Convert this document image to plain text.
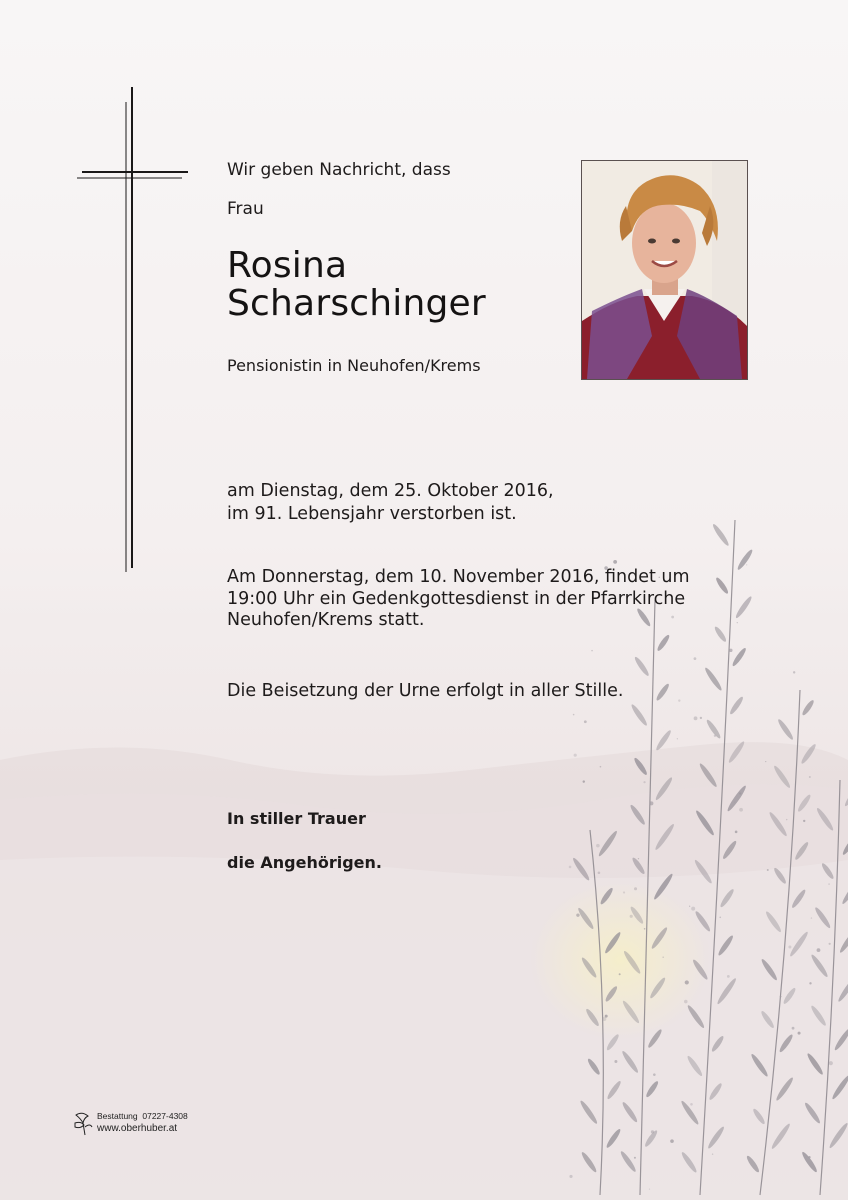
Wir geben Nachricht, dass
Frau
Rosina
Scharschinger
Pensionistin in Neuhofen/Krems
am Dienstag, dem 25. Oktober 2016,
im 91. Lebensjahr verstorben ist.
Am Donnerstag, dem 10. November 2016, findet um
19:00 Uhr ein Gedenkgottesdienst in der Pfarrkirche
Neuhofen/Krems statt.
Die Beisetzung der Urne erfolgt in aller Stille.
In stiller Trauer
die Angehörigen.
Bestattung 07227-4308
www.oberhuber.at
